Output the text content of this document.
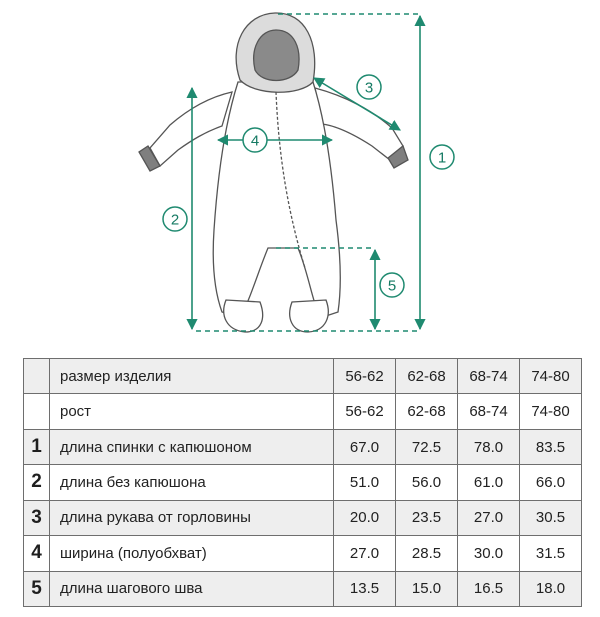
1
2
3
4
5
	размер изделия	56-62	62-68	68-74	74-80
	рост	56-62	62-68	68-74	74-80
1	длина спинки с капюшоном	67.0	72.5	78.0	83.5
2	длина без капюшона	51.0	56.0	61.0	66.0
3	длина рукава от горловины	20.0	23.5	27.0	30.5
4	ширина (полуобхват)	27.0	28.5	30.0	31.5
5	длина шагового шва	13.5	15.0	16.5	18.0
